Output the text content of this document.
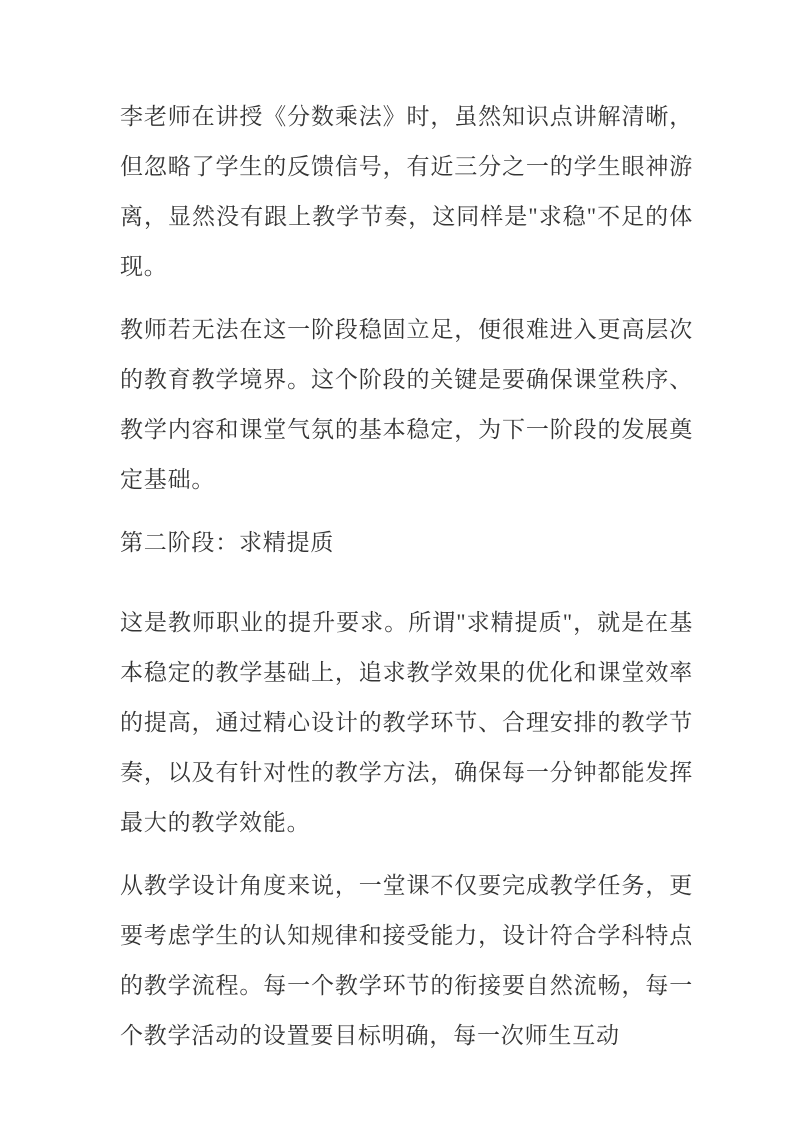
李老师在讲授《分数乘法》时，虽然知识点讲解清晰，但忽略了学生的反馈信号，有近三分之一的学生眼神游离，显然没有跟上教学节奏，这同样是"求稳"不足的体现。

教师若无法在这一阶段稳固立足，便很难进入更高层次的教育教学境界。这个阶段的关键是要确保课堂秩序、教学内容和课堂气氛的基本稳定，为下一阶段的发展奠定基础。

第二阶段：求精提质

这是教师职业的提升要求。所谓"求精提质"，就是在基本稳定的教学基础上，追求教学效果的优化和课堂效率的提高，通过精心设计的教学环节、合理安排的教学节奏，以及有针对性的教学方法，确保每一分钟都能发挥最大的教学效能。

从教学设计角度来说，一堂课不仅要完成教学任务，更要考虑学生的认知规律和接受能力，设计符合学科特点的教学流程。每一个教学环节的衔接要自然流畅，每一个教学活动的设置要目标明确，每一次师生互动
